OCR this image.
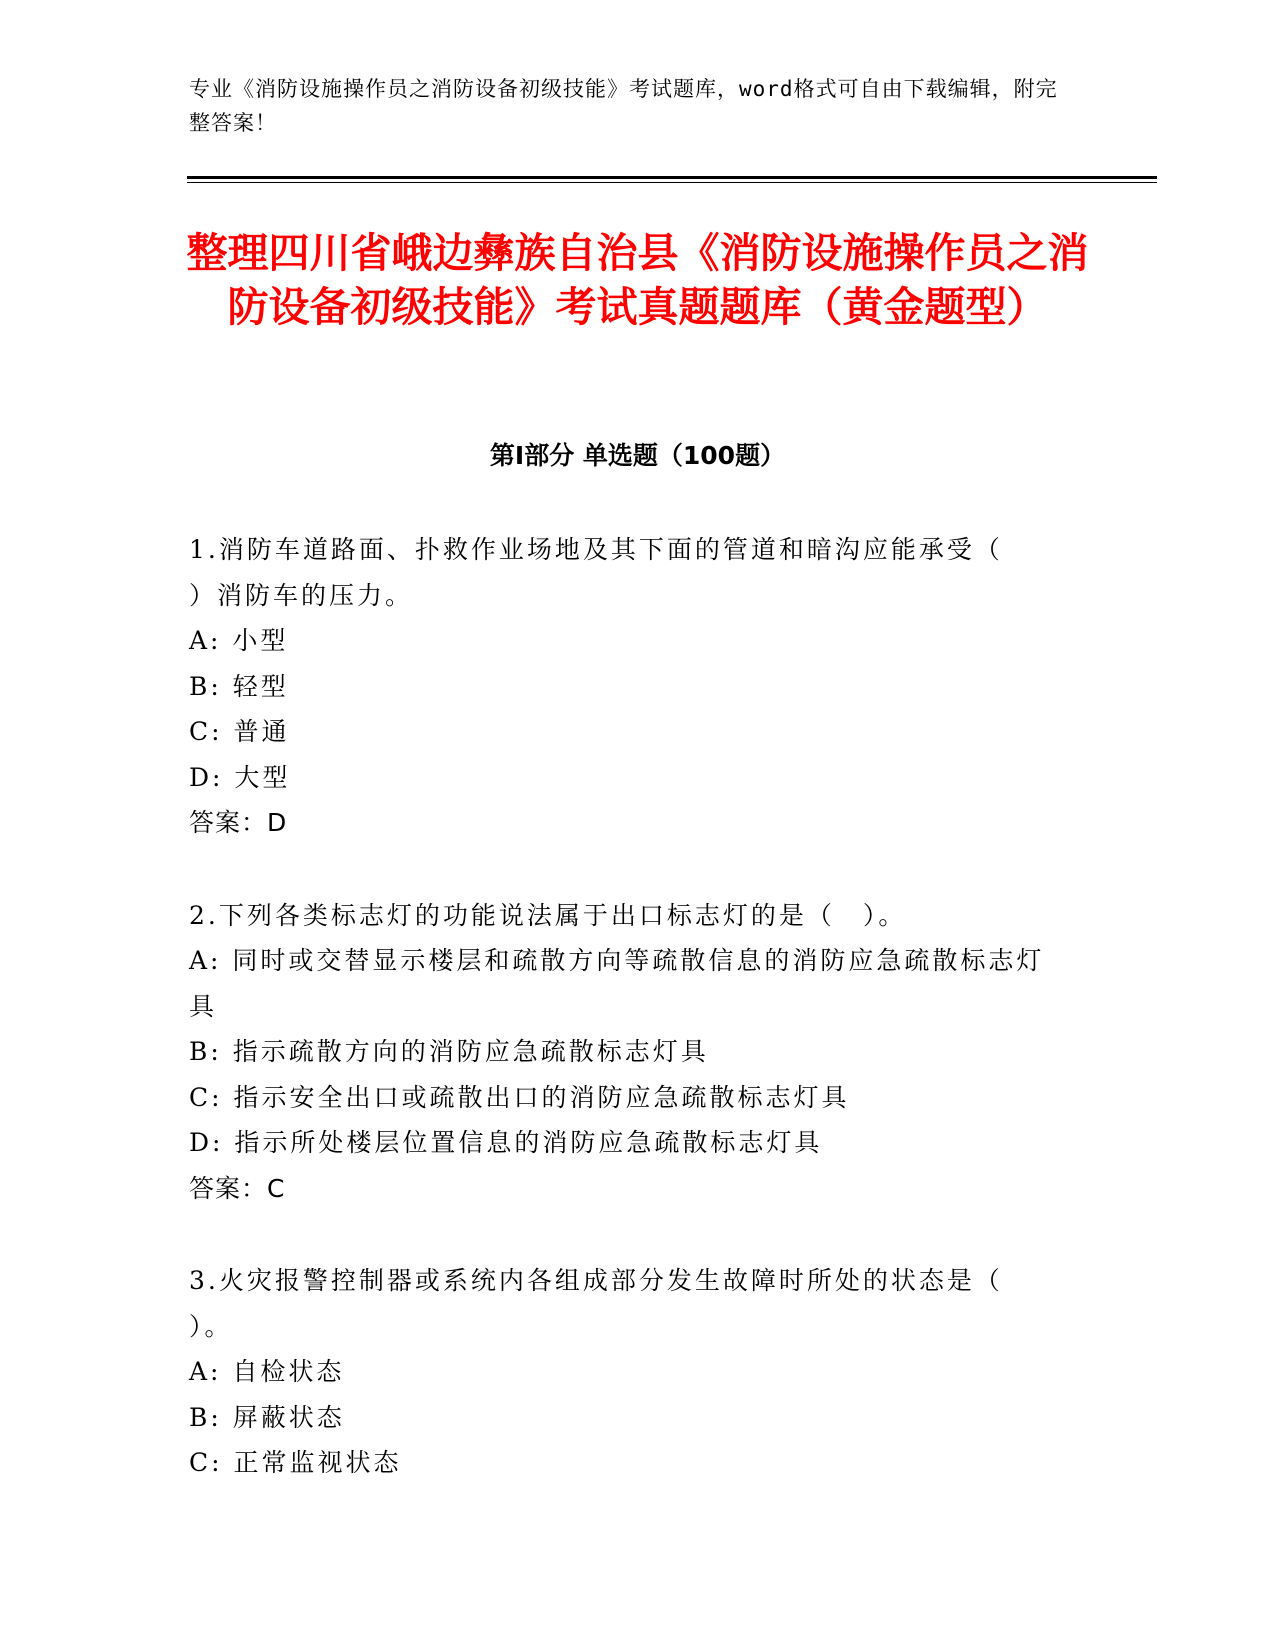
专业《消防设施操作员之消防设备初级技能》考试题库，word格式可自由下载编辑，附完整答案！
整理四川省峨边彝族自治县《消防设施操作员之消防设备初级技能》考试真题题库（黄金题型）
第Ⅰ部分 单选题（100题）
1.消防车道路面、扑救作业场地及其下面的管道和暗沟应能承受（
）消防车的压力。
A: 小型
B: 轻型
C: 普通
D: 大型
答案：D
2.下列各类标志灯的功能说法属于出口标志灯的是（　）。
A: 同时或交替显示楼层和疏散方向等疏散信息的消防应急疏散标志灯
具
B: 指示疏散方向的消防应急疏散标志灯具
C: 指示安全出口或疏散出口的消防应急疏散标志灯具
D: 指示所处楼层位置信息的消防应急疏散标志灯具
答案：C
3.火灾报警控制器或系统内各组成部分发生故障时所处的状态是（
）。
A: 自检状态
B: 屏蔽状态
C: 正常监视状态
